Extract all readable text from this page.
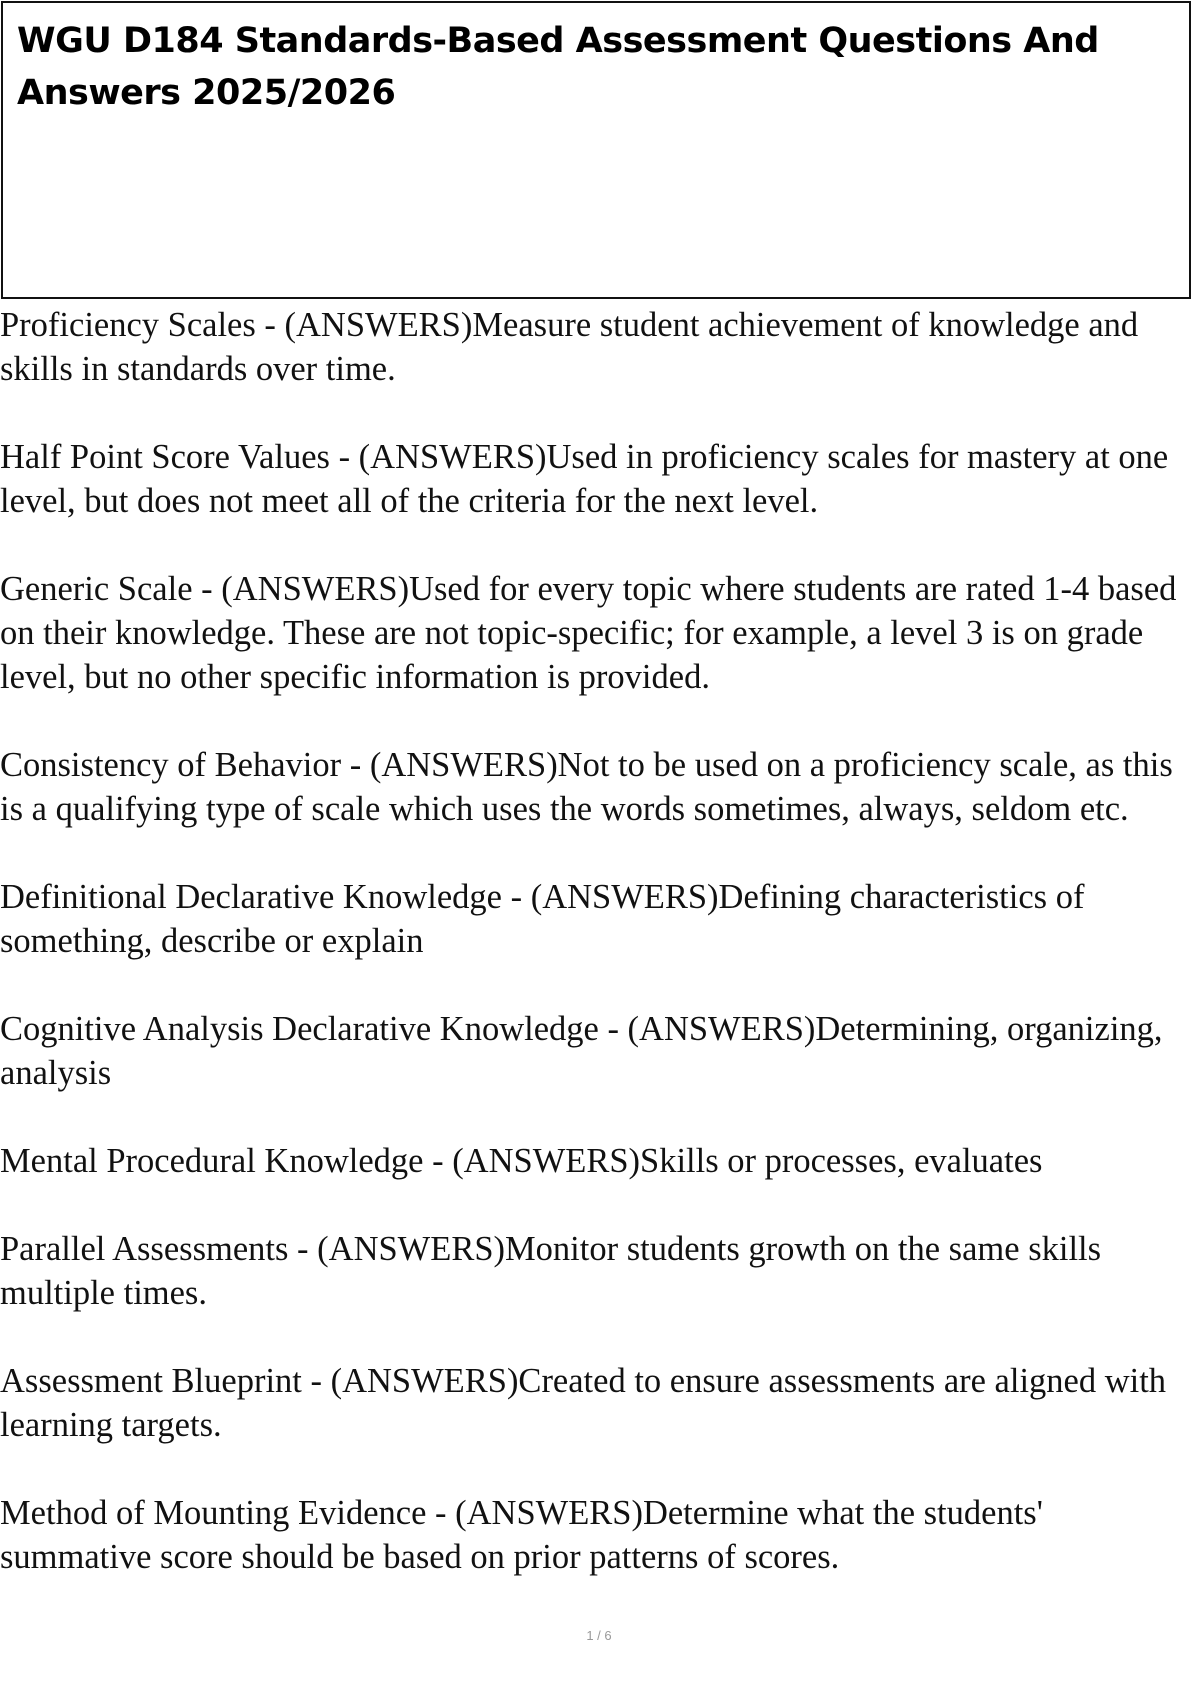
WGU D184 Standards-Based Assessment Questions And Answers 2025/2026
Proficiency Scales - (ANSWERS)Measure student achievement of knowledge and skills in standards over time.
Half Point Score Values - (ANSWERS)Used in proficiency scales for mastery at one level, but does not meet all of the criteria for the next level.
Generic Scale - (ANSWERS)Used for every topic where students are rated 1-4 based on their knowledge. These are not topic-specific; for example, a level 3 is on grade level, but no other specific information is provided.
Consistency of Behavior - (ANSWERS)Not to be used on a proficiency scale, as this is a qualifying type of scale which uses the words sometimes, always, seldom etc.
Definitional Declarative Knowledge - (ANSWERS)Defining characteristics of something, describe or explain
Cognitive Analysis Declarative Knowledge - (ANSWERS)Determining, organizing, analysis
Mental Procedural Knowledge - (ANSWERS)Skills or processes, evaluates
Parallel Assessments - (ANSWERS)Monitor students growth on the same skills multiple times.
Assessment Blueprint - (ANSWERS)Created to ensure assessments are aligned with learning targets.
Method of Mounting Evidence - (ANSWERS)Determine what the students' summative score should be based on prior patterns of scores.
1 / 6
